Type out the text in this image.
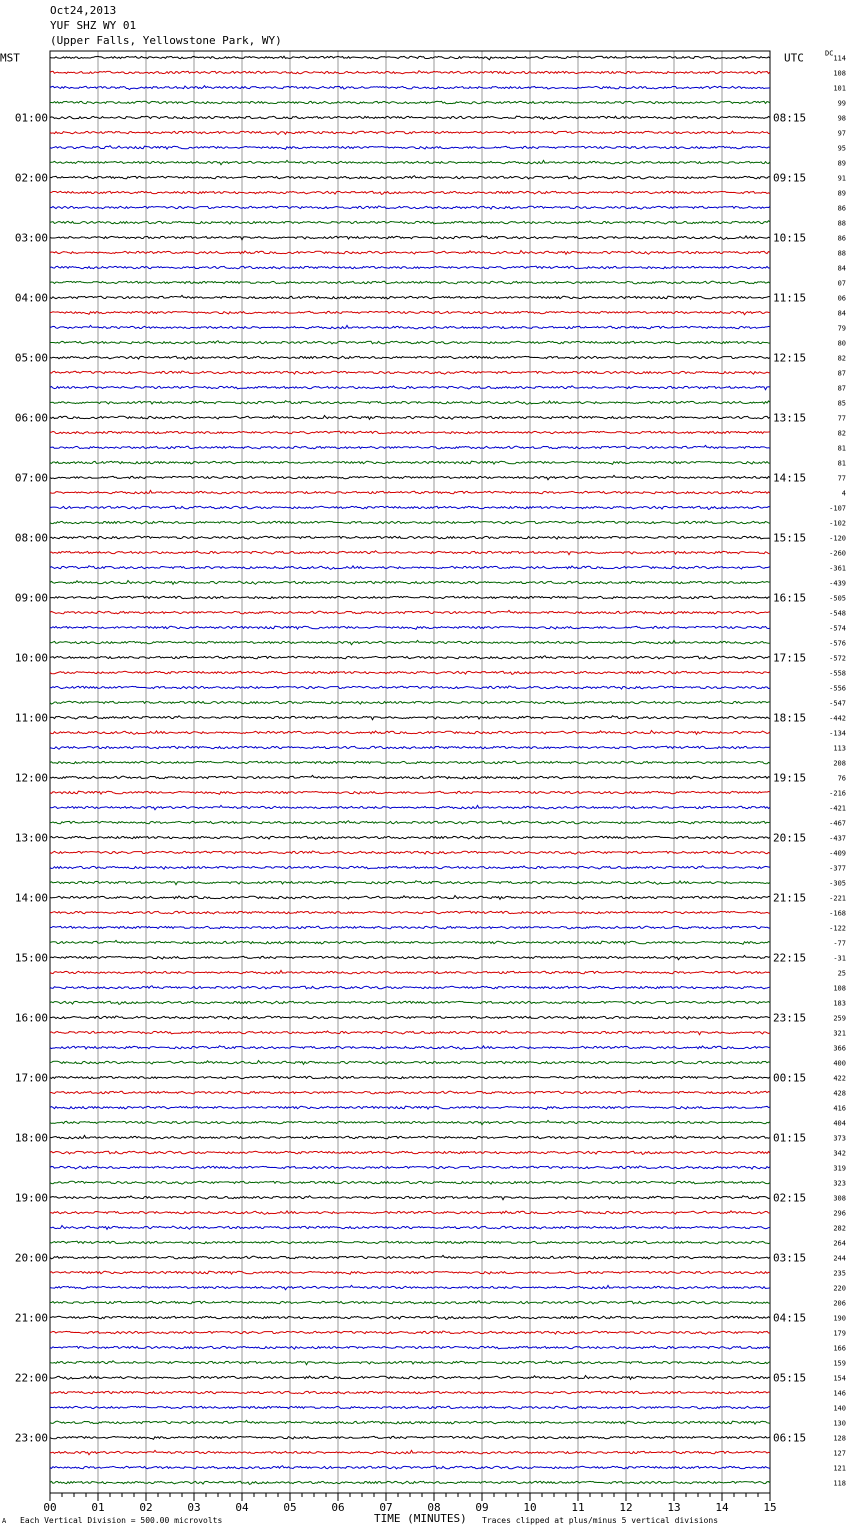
Oct24,2013
YUF SHZ WY 01
(Upper Falls, Yellowstone Park, WY)
114
108
101
99
98
01:00	08:15
97
95
89
91
02:00	09:15
89
86
88
86
03:00	10:15
88
84
07
06
04:00	11:15
84
79
80
82
05:00	12:15
87
87
85
77
06:00	13:15
82
81
81
77
07:00	14:15
4
-107
-102
-120
08:00	15:15
-260
-361
-439
-505
09:00	16:15
-548
-574
-576
-572
10:00	17:15
-558
-556
-547
-442
11:00	18:15
-134
113
208
76
12:00	19:15
-216
-421
-467
-437
13:00	20:15
-409
-377
-305
-221
14:00	21:15
-168
-122
-77
-31
15:00	22:15
25
108
183
259
16:00	23:15
321
366
400
422
17:00	00:15
428
416
404
373
18:00	01:15
342
319
323
308
19:00	02:15
296
282
264
244
20:00	03:15
235
220
206
190
21:00	04:15
179
166
159
154
22:00	05:15
146
140
130
128
23:00	06:15
127
121
118
MST	UTC	DC
00	01	02	03	04	05	06	07	08	09	10	11	12	13	14	15
A Each Vertical Division = 500.00 microvolts	TIME (MINUTES) Traces clipped at plus/minus 5 vertical divisions
